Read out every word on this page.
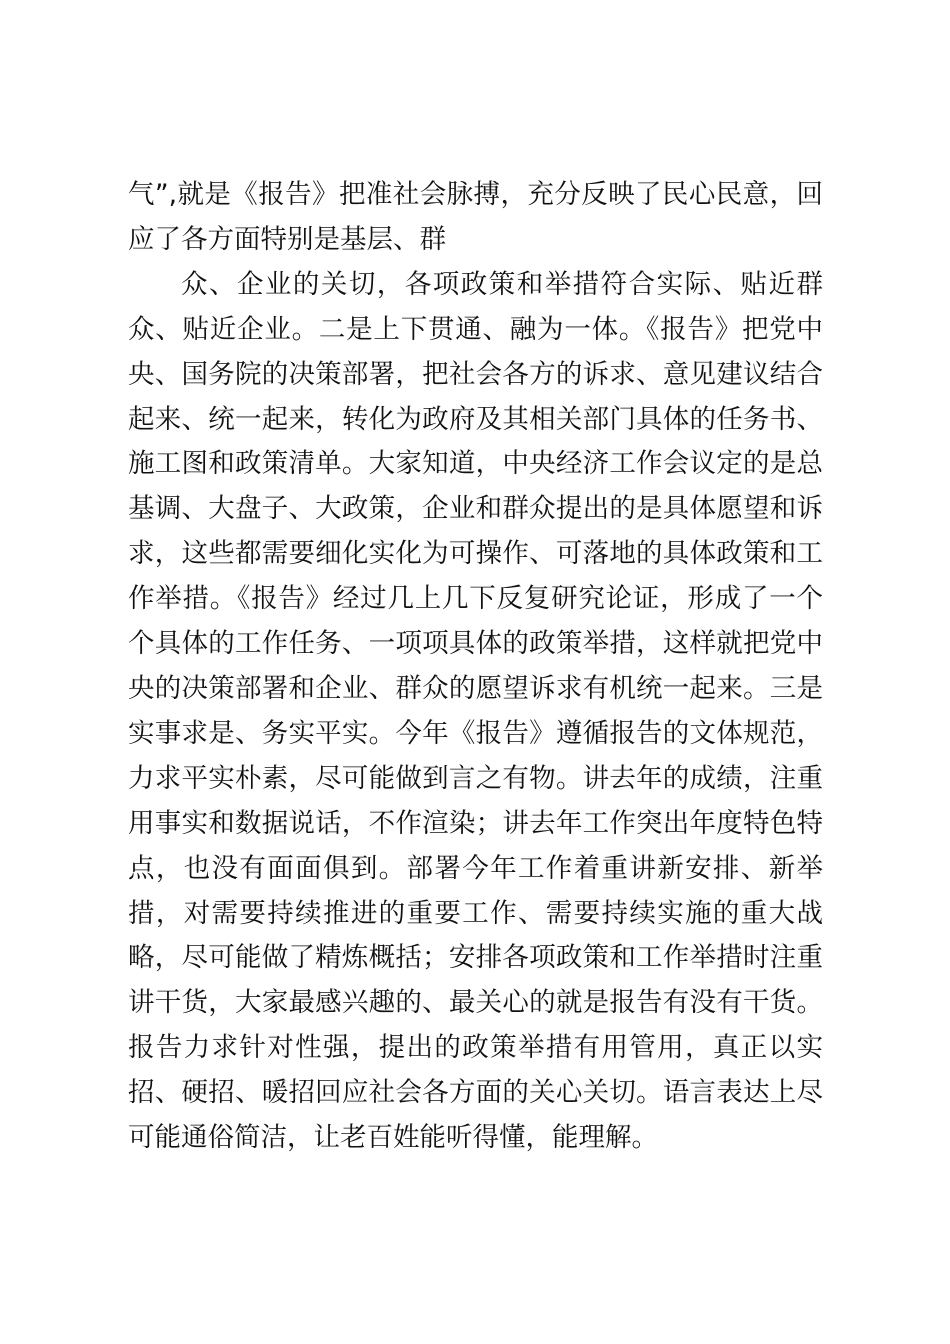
气”,就是《报告》把准社会脉搏，充分反映了民心民意，回应了各方面特别是基层、群

众、企业的关切，各项政策和举措符合实际、贴近群众、贴近企业。二是上下贯通、融为一体。《报告》把党中央、国务院的决策部署，把社会各方的诉求、意见建议结合起来、统一起来，转化为政府及其相关部门具体的任务书、施工图和政策清单。大家知道，中央经济工作会议定的是总基调、大盘子、大政策，企业和群众提出的是具体愿望和诉求，这些都需要细化实化为可操作、可落地的具体政策和工作举措。《报告》经过几上几下反复研究论证，形成了一个个具体的工作任务、一项项具体的政策举措，这样就把党中央的决策部署和企业、群众的愿望诉求有机统一起来。三是实事求是、务实平实。今年《报告》遵循报告的文体规范，力求平实朴素，尽可能做到言之有物。讲去年的成绩，注重用事实和数据说话，不作渲染；讲去年工作突出年度特色特点，也没有面面俱到。部署今年工作着重讲新安排、新举措，对需要持续推进的重要工作、需要持续实施的重大战略，尽可能做了精炼概括；安排各项政策和工作举措时注重讲干货，大家最感兴趣的、最关心的就是报告有没有干货。报告力求针对性强，提出的政策举措有用管用，真正以实招、硬招、暖招回应社会各方面的关心关切。语言表达上尽可能通俗简洁，让老百姓能听得懂，能理解。
